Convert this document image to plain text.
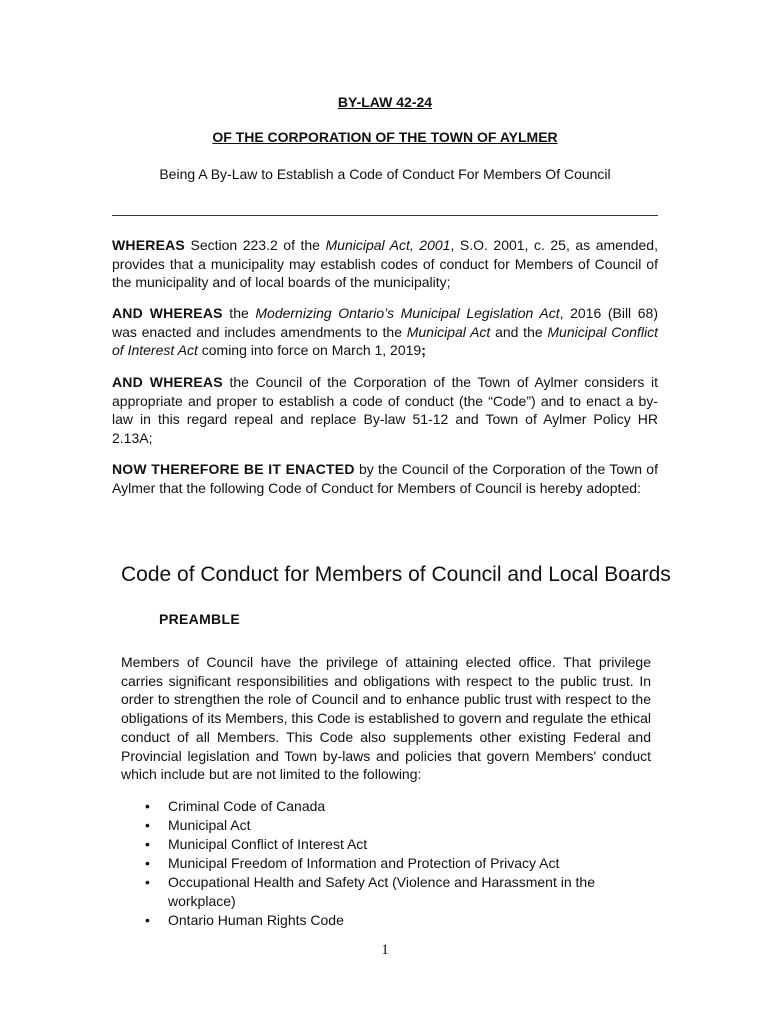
BY-LAW 42-24
OF THE CORPORATION OF THE TOWN OF AYLMER
Being A By-Law to Establish a Code of Conduct For Members Of Council
WHEREAS Section 223.2 of the Municipal Act, 2001, S.O. 2001, c. 25, as amended, provides that a municipality may establish codes of conduct for Members of Council of the municipality and of local boards of the municipality;
AND WHEREAS the Modernizing Ontario’s Municipal Legislation Act, 2016 (Bill 68) was enacted and includes amendments to the Municipal Act and the Municipal Conflict of Interest Act coming into force on March 1, 2019;
AND WHEREAS the Council of the Corporation of the Town of Aylmer considers it appropriate and proper to establish a code of conduct (the “Code”) and to enact a by-law in this regard repeal and replace By-law 51-12 and Town of Aylmer Policy HR 2.13A;
NOW THEREFORE BE IT ENACTED by the Council of the Corporation of the Town of Aylmer that the following Code of Conduct for Members of Council is hereby adopted:
Code of Conduct for Members of Council and Local Boards
PREAMBLE
Members of Council have the privilege of attaining elected office. That privilege carries significant responsibilities and obligations with respect to the public trust. In order to strengthen the role of Council and to enhance public trust with respect to the obligations of its Members, this Code is established to govern and regulate the ethical conduct of all Members. This Code also supplements other existing Federal and Provincial legislation and Town by-laws and policies that govern Members' conduct which include but are not limited to the following:
• Criminal Code of Canada
• Municipal Act
• Municipal Conflict of Interest Act
• Municipal Freedom of Information and Protection of Privacy Act
• Occupational Health and Safety Act (Violence and Harassment in the workplace)
• Ontario Human Rights Code
1
